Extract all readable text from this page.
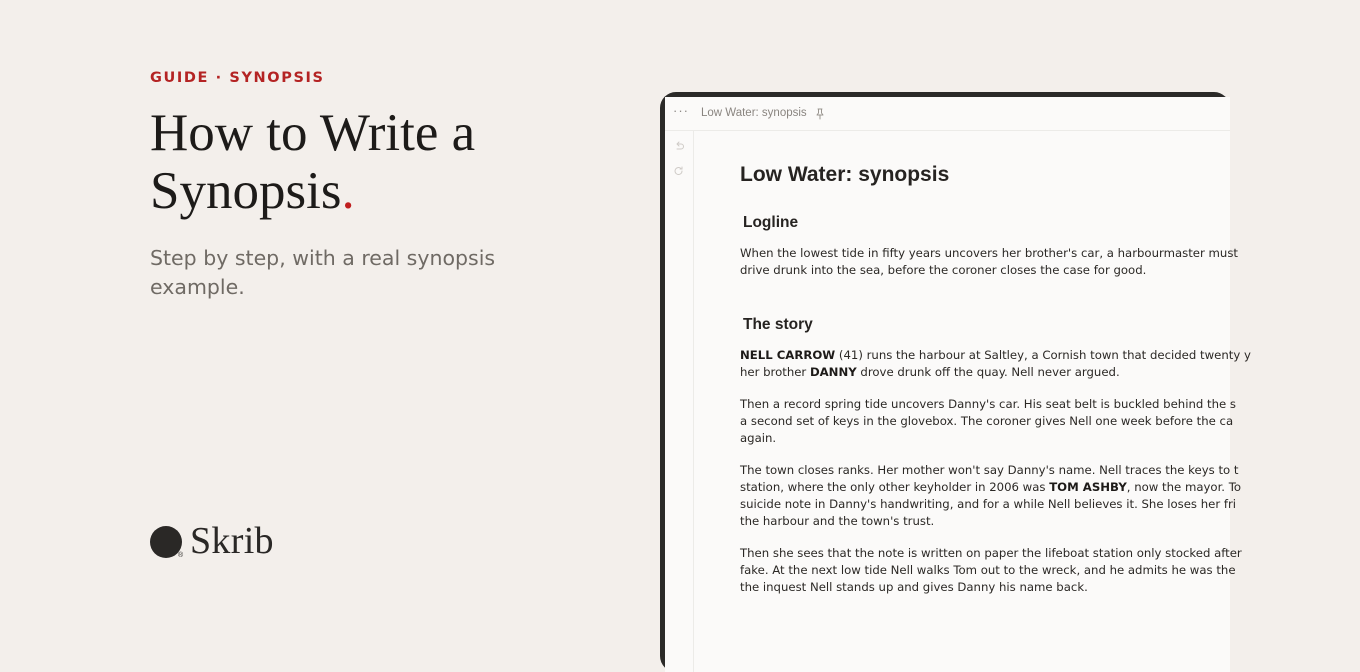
GUIDE · SYNOPSIS
How to Write a Synopsis.

Step by step, with a real synopsis example.

® Skrib
··· Low Water: synopsis
Low Water: synopsis
Logline

When the lowest tide in fifty years uncovers her brother's car, a harbourmaster must
drive drunk into the sea, before the coroner closes the case for good.

The story

NELL CARROW (41) runs the harbour at Saltley, a Cornish town that decided twenty y
her brother DANNY drove drunk off the quay. Nell never argued.

Then a record spring tide uncovers Danny's car. His seat belt is buckled behind the s
a second set of keys in the glovebox. The coroner gives Nell one week before the ca
again.

The town closes ranks. Her mother won't say Danny's name. Nell traces the keys to t
station, where the only other keyholder in 2006 was TOM ASHBY, now the mayor. To
suicide note in Danny's handwriting, and for a while Nell believes it. She loses her fri
the harbour and the town's trust.

Then she sees that the note is written on paper the lifeboat station only stocked after
fake. At the next low tide Nell walks Tom out to the wreck, and he admits he was the
the inquest Nell stands up and gives Danny his name back.
